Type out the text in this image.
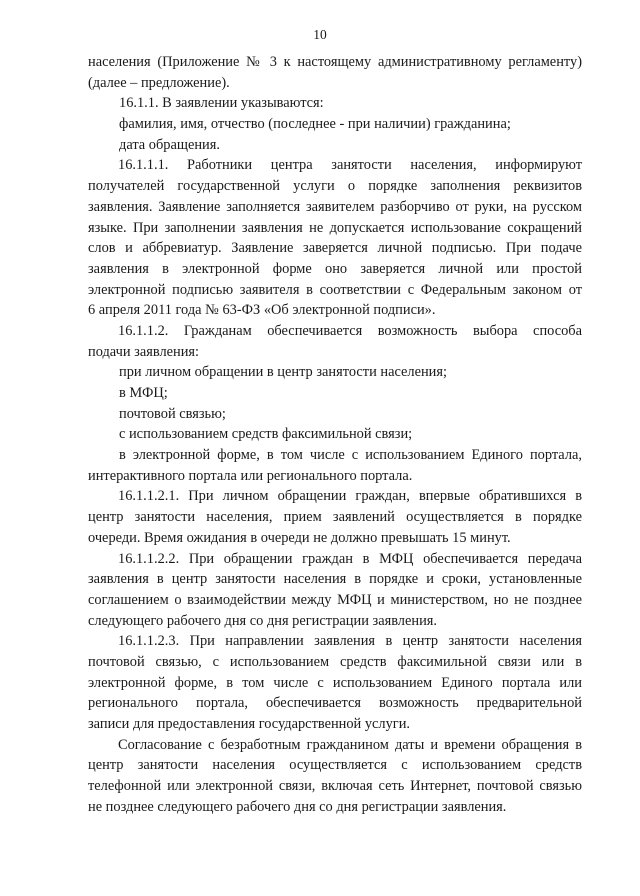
10
населения (Приложение № 3 к настоящему административному регламенту)
(далее – предложение).
16.1.1. В заявлении указываются:
фамилия, имя, отчество (последнее - при наличии) гражданина;
дата обращения.
16.1.1.1. Работники центра занятости населения, информируют
получателей государственной услуги о порядке заполнения реквизитов
заявления. Заявление заполняется заявителем разборчиво от руки, на русском
языке. При заполнении заявления не допускается использование сокращений
слов и аббревиатур. Заявление заверяется личной подписью. При подаче
заявления в электронной форме оно заверяется личной или простой
электронной подписью заявителя в соответствии с Федеральным законом от
6 апреля 2011 года № 63-ФЗ «Об электронной подписи».
16.1.1.2. Гражданам обеспечивается возможность выбора способа
подачи заявления:
при личном обращении в центр занятости населения;
в МФЦ;
почтовой связью;
с использованием средств факсимильной связи;
в электронной форме, в том числе с использованием Единого портала,
интерактивного портала или регионального портала.
16.1.1.2.1. При личном обращении граждан, впервые обратившихся в
центр занятости населения, прием заявлений осуществляется в порядке
очереди. Время ожидания в очереди не должно превышать 15 минут.
16.1.1.2.2. При обращении граждан в МФЦ обеспечивается передача
заявления в центр занятости населения в порядке и сроки, установленные
соглашением о взаимодействии между МФЦ и министерством, но не позднее
следующего рабочего дня со дня регистрации заявления.
16.1.1.2.3. При направлении заявления в центр занятости населения
почтовой связью, с использованием средств факсимильной связи или в
электронной форме, в том числе с использованием Единого портала или
регионального портала, обеспечивается возможность предварительной
записи для предоставления государственной услуги.
Согласование с безработным гражданином даты и времени обращения в
центр занятости населения осуществляется с использованием средств
телефонной или электронной связи, включая сеть Интернет, почтовой связью
не позднее следующего рабочего дня со дня регистрации заявления.
